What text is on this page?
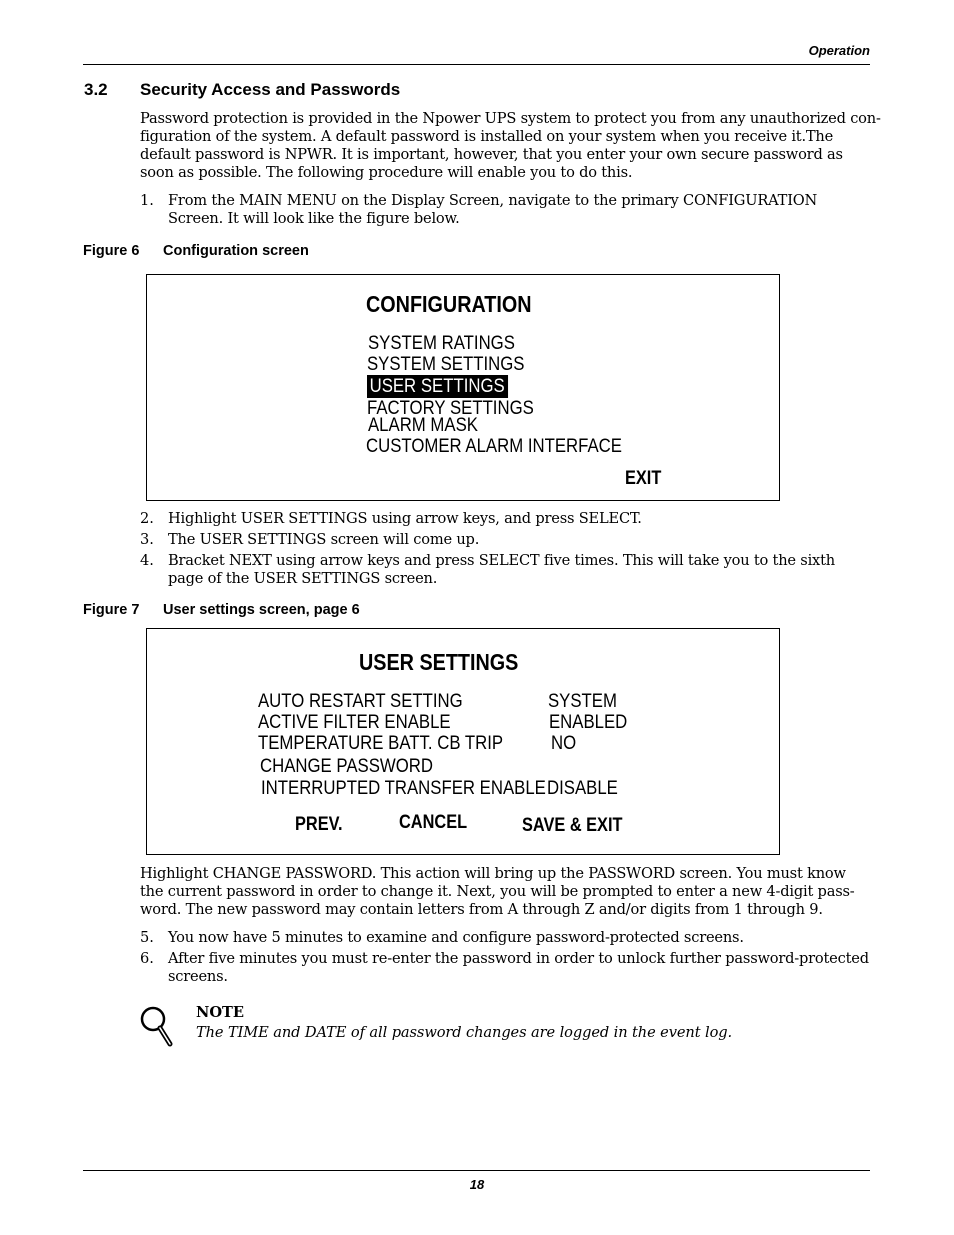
Operation
3.2 Security Access and Passwords
Password protection is provided in the Npower UPS system to protect you from any unauthorized con-
figuration of the system. A default password is installed on your system when you receive it.The
default password is NPWR. It is important, however, that you enter your own secure password as
soon as possible. The following procedure will enable you to do this.
1. From the MAIN MENU on the Display Screen, navigate to the primary CONFIGURATION
Screen. It will look like the figure below.
Figure 6 Configuration screen
CONFIGURATION
SYSTEM RATINGS
SYSTEM SETTINGS
USER SETTINGS
FACTORY SETTINGS
ALARM MASK
CUSTOMER ALARM INTERFACE
EXIT
2. Highlight USER SETTINGS using arrow keys, and press SELECT.
3. The USER SETTINGS screen will come up.
4. Bracket NEXT using arrow keys and press SELECT five times. This will take you to the sixth
page of the USER SETTINGS screen.
Figure 7 User settings screen, page 6
USER SETTINGS
AUTO RESTART SETTING	SYSTEM
ACTIVE FILTER ENABLE	ENABLED
TEMPERATURE BATT. CB TRIP NO
CHANGE PASSWORD
INTERRUPTED TRANSFER ENABLE DISABLE
PREV.	CANCEL	SAVE & EXIT
Highlight CHANGE PASSWORD. This action will bring up the PASSWORD screen. You must know
the current password in order to change it. Next, you will be prompted to enter a new 4-digit pass-
word. The new password may contain letters from A through Z and/or digits from 1 through 9.
5. You now have 5 minutes to examine and configure password-protected screens.
6. After five minutes you must re-enter the password in order to unlock further password-protected
screens.
NOTE
The TIME and DATE of all password changes are logged in the event log.
18
